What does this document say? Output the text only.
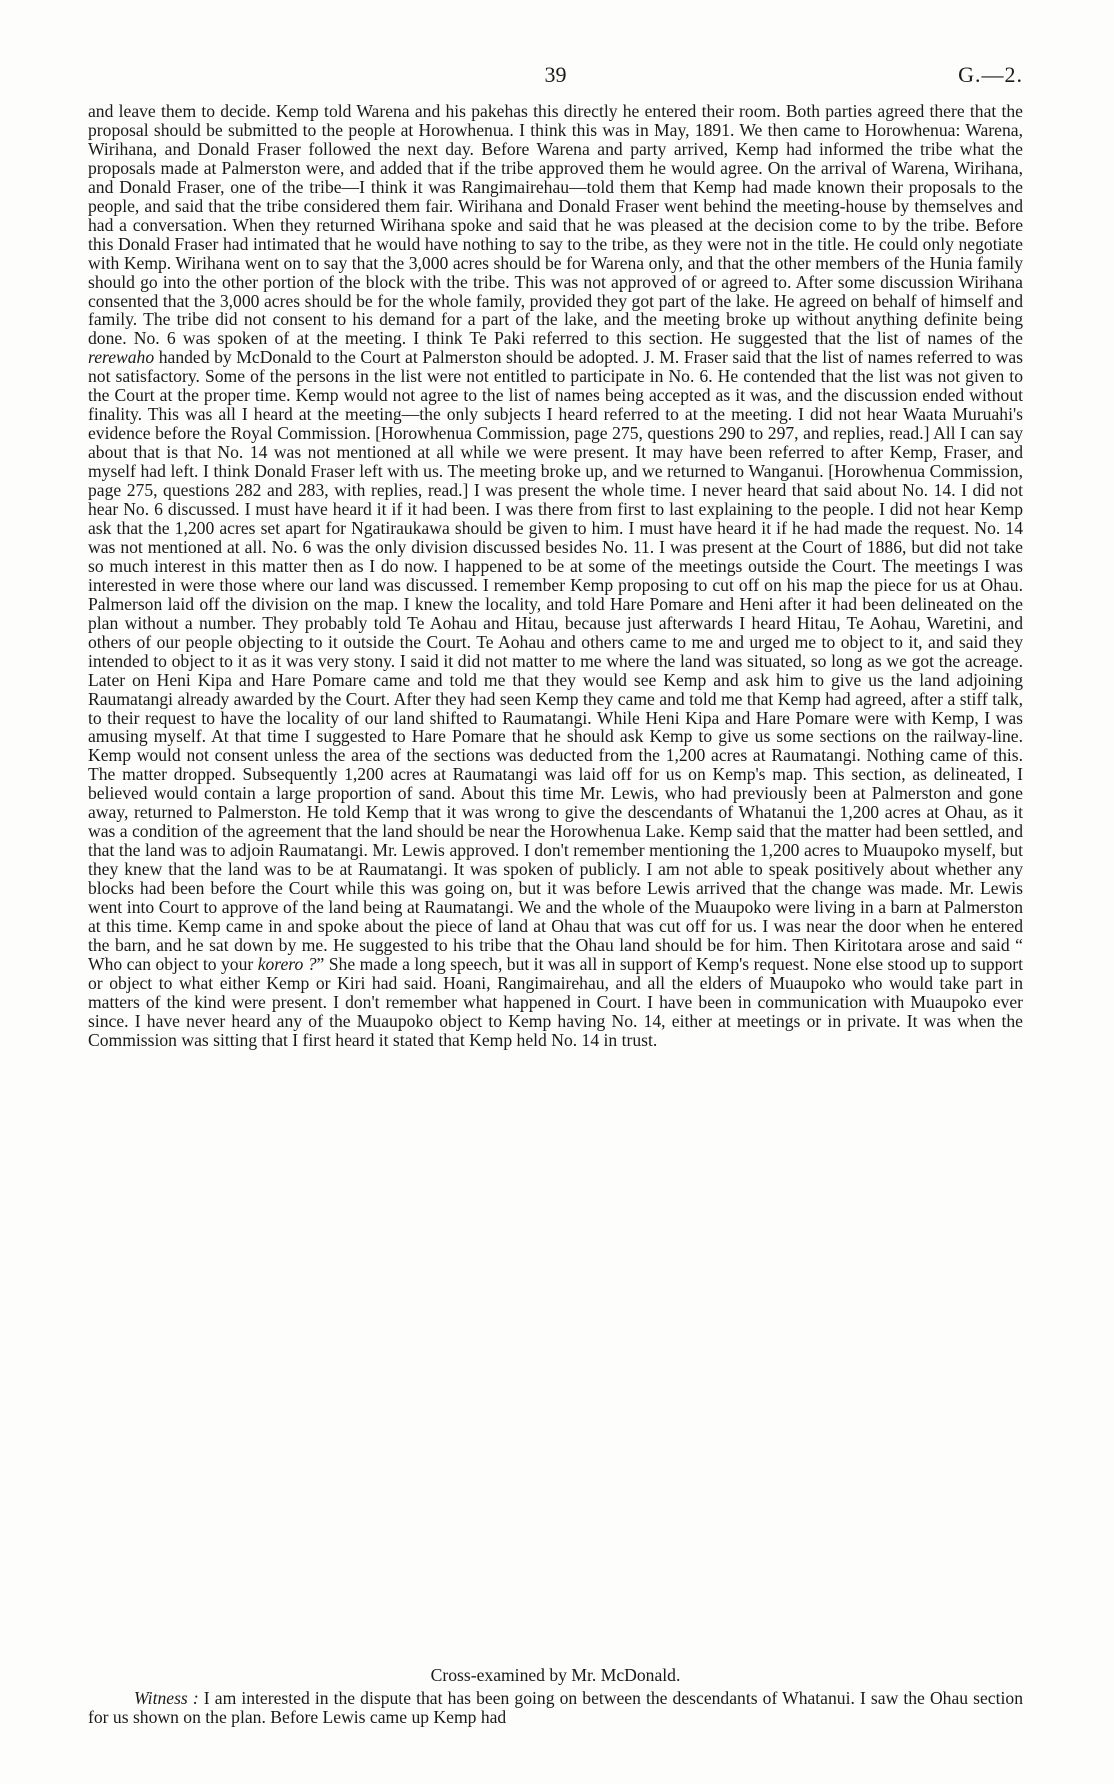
39	G.—2.

and leave them to decide. Kemp told Warena and his pakehas this directly he entered their room. Both parties agreed there that the proposal should be submitted to the people at Horowhenua. I think this was in May, 1891. We then came to Horowhenua: Warena, Wirihana, and Donald Fraser followed the next day. Before Warena and party arrived, Kemp had informed the tribe what the proposals made at Palmerston were, and added that if the tribe approved them he would agree. On the arrival of Warena, Wirihana, and Donald Fraser, one of the tribe—I think it was Rangimairehau—told them that Kemp had made known their proposals to the people, and said that the tribe considered them fair. Wirihana and Donald Fraser went behind the meeting-house by themselves and had a conversation. When they returned Wirihana spoke and said that he was pleased at the decision come to by the tribe. Before this Donald Fraser had intimated that he would have nothing to say to the tribe, as they were not in the title. He could only negotiate with Kemp. Wirihana went on to say that the 3,000 acres should be for Warena only, and that the other members of the Hunia family should go into the other portion of the block with the tribe. This was not approved of or agreed to. After some discussion Wirihana consented that the 3,000 acres should be for the whole family, provided they got part of the lake. He agreed on behalf of himself and family. The tribe did not consent to his demand for a part of the lake, and the meeting broke up without anything definite being done. No. 6 was spoken of at the meeting. I think Te Paki referred to this section. He suggested that the list of names of the rerewaho handed by McDonald to the Court at Palmerston should be adopted. J. M. Fraser said that the list of names referred to was not satisfactory. Some of the persons in the list were not entitled to participate in No. 6. He contended that the list was not given to the Court at the proper time. Kemp would not agree to the list of names being accepted as it was, and the discussion ended without finality. This was all I heard at the meeting—the only subjects I heard referred to at the meeting. I did not hear Waata Muruahi's evidence before the Royal Commission. [Horowhenua Commission, page 275, questions 290 to 297, and replies, read.] All I can say about that is that No. 14 was not mentioned at all while we were present. It may have been referred to after Kemp, Fraser, and myself had left. I think Donald Fraser left with us. The meeting broke up, and we returned to Wanganui. [Horowhenua Commission, page 275, questions 282 and 283, with replies, read.] I was present the whole time. I never heard that said about No. 14. I did not hear No. 6 discussed. I must have heard it if it had been. I was there from first to last explaining to the people. I did not hear Kemp ask that the 1,200 acres set apart for Ngatiraukawa should be given to him. I must have heard it if he had made the request. No. 14 was not mentioned at all. No. 6 was the only division discussed besides No. 11. I was present at the Court of 1886, but did not take so much interest in this matter then as I do now. I happened to be at some of the meetings outside the Court. The meetings I was interested in were those where our land was discussed. I remember Kemp proposing to cut off on his map the piece for us at Ohau. Palmerson laid off the division on the map. I knew the locality, and told Hare Pomare and Heni after it had been delineated on the plan without a number. They probably told Te Aohau and Hitau, because just afterwards I heard Hitau, Te Aohau, Waretini, and others of our people objecting to it outside the Court. Te Aohau and others came to me and urged me to object to it, and said they intended to object to it as it was very stony. I said it did not matter to me where the land was situated, so long as we got the acreage. Later on Heni Kipa and Hare Pomare came and told me that they would see Kemp and ask him to give us the land adjoining Raumatangi already awarded by the Court. After they had seen Kemp they came and told me that Kemp had agreed, after a stiff talk, to their request to have the locality of our land shifted to Raumatangi. While Heni Kipa and Hare Pomare were with Kemp, I was amusing myself. At that time I suggested to Hare Pomare that he should ask Kemp to give us some sections on the railway-line. Kemp would not consent unless the area of the sections was deducted from the 1,200 acres at Raumatangi. Nothing came of this. The matter dropped. Subsequently 1,200 acres at Raumatangi was laid off for us on Kemp's map. This section, as delineated, I believed would contain a large proportion of sand. About this time Mr. Lewis, who had previously been at Palmerston and gone away, returned to Palmerston. He told Kemp that it was wrong to give the descendants of Whatanui the 1,200 acres at Ohau, as it was a condition of the agreement that the land should be near the Horowhenua Lake. Kemp said that the matter had been settled, and that the land was to adjoin Raumatangi. Mr. Lewis approved. I don't remember mentioning the 1,200 acres to Muaupoko myself, but they knew that the land was to be at Raumatangi. It was spoken of publicly. I am not able to speak positively about whether any blocks had been before the Court while this was going on, but it was before Lewis arrived that the change was made. Mr. Lewis went into Court to approve of the land being at Raumatangi. We and the whole of the Muaupoko were living in a barn at Palmerston at this time. Kemp came in and spoke about the piece of land at Ohau that was cut off for us. I was near the door when he entered the barn, and he sat down by me. He suggested to his tribe that the Ohau land should be for him. Then Kiritotara arose and said “ Who can object to your korero ?” She made a long speech, but it was all in support of Kemp's request. None else stood up to support or object to what either Kemp or Kiri had said. Hoani, Rangimairehau, and all the elders of Muaupoko who would take part in matters of the kind were present. I don't remember what happened in Court. I have been in communication with Muaupoko ever since. I have never heard any of the Muaupoko object to Kemp having No. 14, either at meetings or in private. It was when the Commission was sitting that I first heard it stated that Kemp held No. 14 in trust.

Cross-examined by Mr. McDonald.

Witness : I am interested in the dispute that has been going on between the descendants of Whatanui. I saw the Ohau section for us shown on the plan. Before Lewis came up Kemp had
